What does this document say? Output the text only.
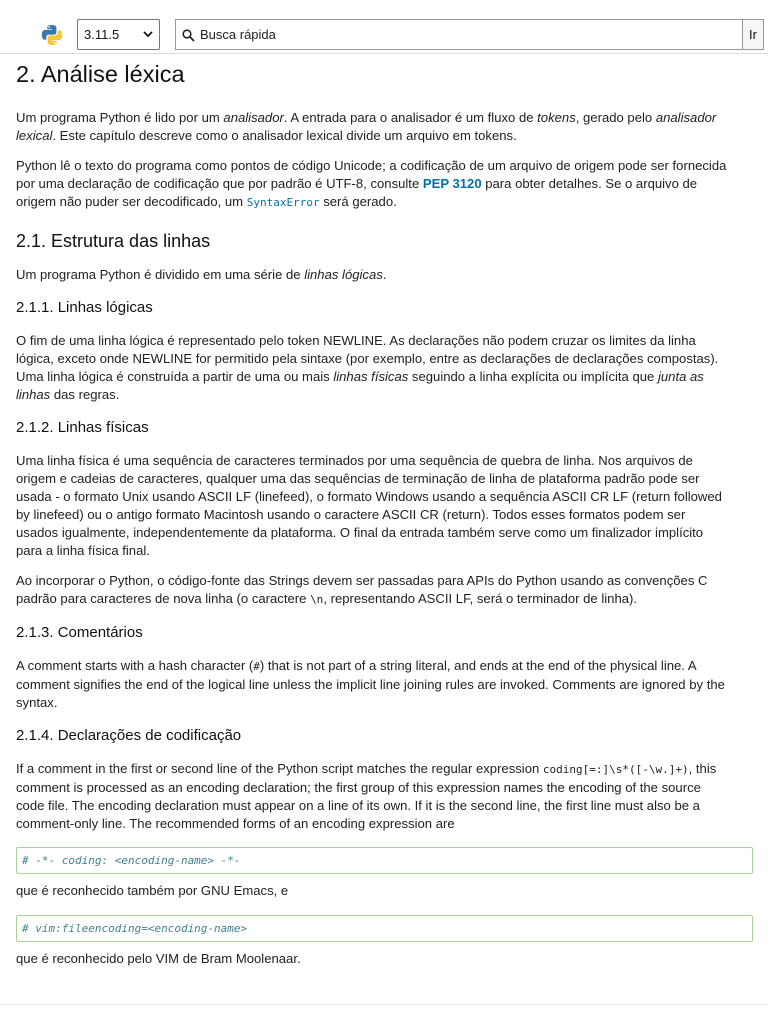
3.11.5	Busca rápida	Ir
2. Análise léxica

Um programa Python é lido por um analisador. A entrada para o analisador é um fluxo de tokens, gerado pelo analisador
lexical. Este capítulo descreve como o analisador lexical divide um arquivo em tokens.

Python lê o texto do programa como pontos de código Unicode; a codificação de um arquivo de origem pode ser fornecida
por uma declaração de codificação que por padrão é UTF-8, consulte PEP 3120 para obter detalhes. Se o arquivo de
origem não puder ser decodificado, um SyntaxError será gerado.

2.1. Estrutura das linhas

Um programa Python é dividido em uma série de linhas lógicas.

2.1.1. Linhas lógicas

O fim de uma linha lógica é representado pelo token NEWLINE. As declarações não podem cruzar os limites da linha
lógica, exceto onde NEWLINE for permitido pela sintaxe (por exemplo, entre as declarações de declarações compostas).
Uma linha lógica é construída a partir de uma ou mais linhas físicas seguindo a linha explícita ou implícita que junta as
linhas das regras.

2.1.2. Linhas físicas

Uma linha física é uma sequência de caracteres terminados por uma sequência de quebra de linha. Nos arquivos de
origem e cadeias de caracteres, qualquer uma das sequências de terminação de linha de plataforma padrão pode ser
usada - o formato Unix usando ASCII LF (linefeed), o formato Windows usando a sequência ASCII CR LF (return followed
by linefeed) ou o antigo formato Macintosh usando o caractere ASCII CR (return). Todos esses formatos podem ser
usados igualmente, independentemente da plataforma. O final da entrada também serve como um finalizador implícito
para a linha física final.

Ao incorporar o Python, o código-fonte das Strings devem ser passadas para APIs do Python usando as convenções C
padrão para caracteres de nova linha (o caractere \n, representando ASCII LF, será o terminador de linha).

2.1.3. Comentários

A comment starts with a hash character (#) that is not part of a string literal, and ends at the end of the physical line. A
comment signifies the end of the logical line unless the implicit line joining rules are invoked. Comments are ignored by the
syntax.

2.1.4. Declarações de codificação

If a comment in the first or second line of the Python script matches the regular expression coding[=:]\s*([-\w.]+), this
comment is processed as an encoding declaration; the first group of this expression names the encoding of the source
code file. The encoding declaration must appear on a line of its own. If it is the second line, the first line must also be a
comment-only line. The recommended forms of an encoding expression are

# -*- coding: <encoding-name> -*-

que é reconhecido também por GNU Emacs, e

# vim:fileencoding=<encoding-name>

que é reconhecido pelo VIM de Bram Moolenaar.
